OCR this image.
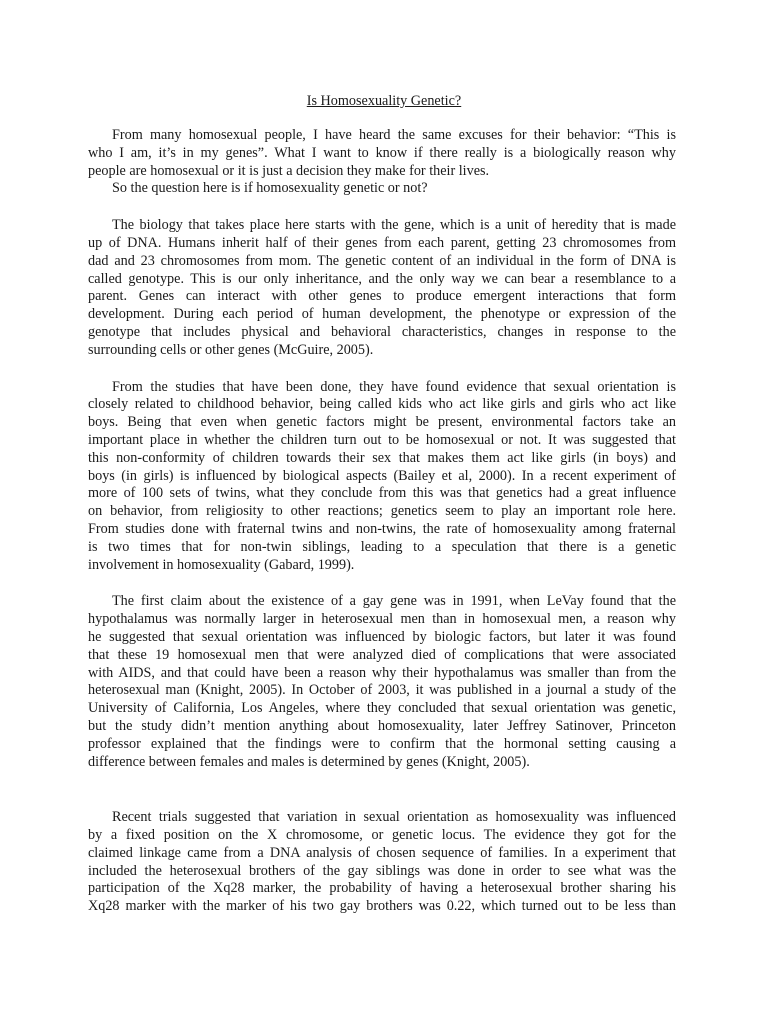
Is Homosexuality Genetic?
From many homosexual people, I have heard the same excuses for their behavior: “This is
who I am, it’s in my genes”. What I want to know if there really is a biologically reason why
people are homosexual or it is just a decision they make for their lives.
So the question here is if homosexuality genetic or not?
The biology that takes place here starts with the gene, which is a unit of heredity that is made
up of DNA. Humans inherit half of their genes from each parent, getting 23 chromosomes from
dad and 23 chromosomes from mom. The genetic content of an individual in the form of DNA is
called genotype. This is our only inheritance, and the only way we can bear a resemblance to a
parent. Genes can interact with other genes to produce emergent interactions that form
development. During each period of human development, the phenotype or expression of the
genotype that includes physical and behavioral characteristics, changes in response to the
surrounding cells or other genes (McGuire, 2005).
From the studies that have been done, they have found evidence that sexual orientation is
closely related to childhood behavior, being called kids who act like girls and girls who act like
boys. Being that even when genetic factors might be present, environmental factors take an
important place in whether the children turn out to be homosexual or not. It was suggested that
this non-conformity of children towards their sex that makes them act like girls (in boys) and
boys (in girls) is influenced by biological aspects (Bailey et al, 2000). In a recent experiment of
more of 100 sets of twins, what they conclude from this was that genetics had a great influence
on behavior, from religiosity to other reactions; genetics seem to play an important role here.
From studies done with fraternal twins and non-twins, the rate of homosexuality among fraternal
is two times that for non-twin siblings, leading to a speculation that there is a genetic
involvement in homosexuality (Gabard, 1999).
The first claim about the existence of a gay gene was in 1991, when LeVay found that the
hypothalamus was normally larger in heterosexual men than in homosexual men, a reason why
he suggested that sexual orientation was influenced by biologic factors, but later it was found
that these 19 homosexual men that were analyzed died of complications that were associated
with AIDS, and that could have been a reason why their hypothalamus was smaller than from the
heterosexual man (Knight, 2005). In October of 2003, it was published in a journal a study of the
University of California, Los Angeles, where they concluded that sexual orientation was genetic,
but the study didn’t mention anything about homosexuality, later Jeffrey Satinover, Princeton
professor explained that the findings were to confirm that the hormonal setting causing a
difference between females and males is determined by genes (Knight, 2005).
Recent trials suggested that variation in sexual orientation as homosexuality was influenced
by a fixed position on the X chromosome, or genetic locus. The evidence they got for the
claimed linkage came from a DNA analysis of chosen sequence of families. In a experiment that
included the heterosexual brothers of the gay siblings was done in order to see what was the
participation of the Xq28 marker, the probability of having a heterosexual brother sharing his
Xq28 marker with the marker of his two gay brothers was 0.22, which turned out to be less than
